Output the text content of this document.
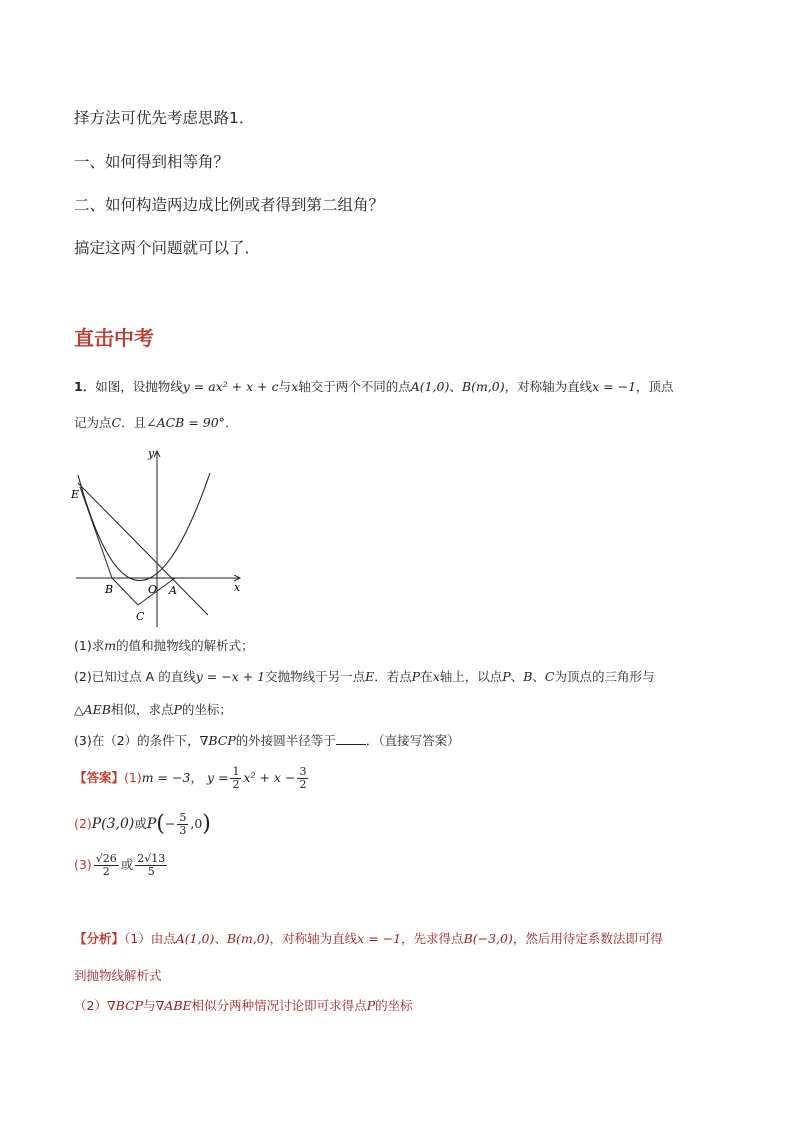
择方法可优先考虑思路1．
一、如何得到相等角？
二、如何构造两边成比例或者得到第二组角？
搞定这两个问题就可以了．
直击中考
1．如图，设抛物线y = ax² + x + c与x轴交于两个不同的点A(1,0)、B(m,0)，对称轴为直线x = −1，顶点
记为点C．且∠ACB = 90°．
y
x
E
B	O A
C
(1)求m的值和抛物线的解析式；
(2)已知过点 A 的直线y = −x + 1交抛物线于另一点E．若点P在x轴上，以点P、B、C为顶点的三角形与
△AEB相似，求点P的坐标；
(3)在（2）的条件下，∇BCP的外接圆半径等于 ．（直接写答案）
【答案】(1)m = −3， $y = \frac{1}{2} x^2 + x - \frac{3}{2}$
(2)P(3,0)或$P(- \frac{5}{3} ,0)$
$(3) \frac{√26}{2}$ 或 $\frac{2√13}{5}$
【分析】（1）由点A(1,0)、B(m,0)，对称轴为直线x = −1，先求得点B(−3,0)，然后用待定系数法即可得
到抛物线解析式
（2）∇BCP与∇ABE相似分两种情况讨论即可求得点P的坐标
